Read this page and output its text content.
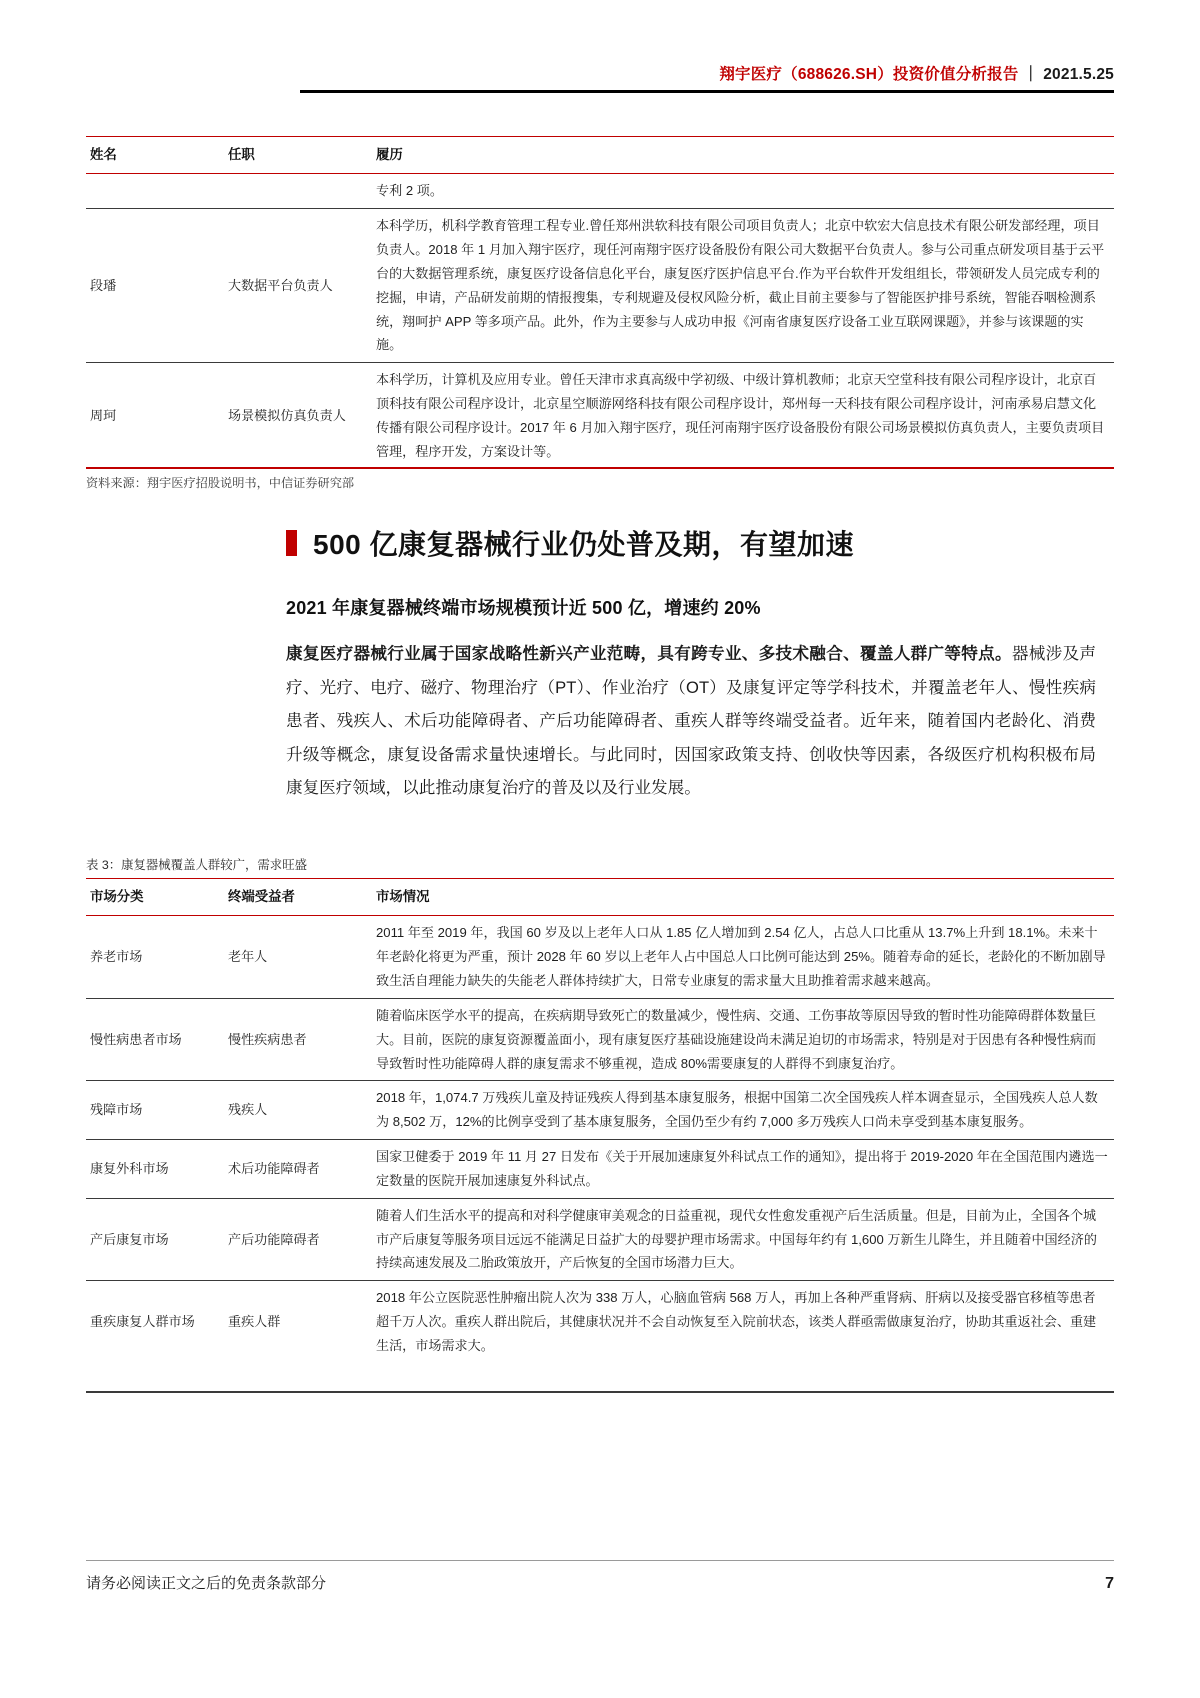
翔宇医疗（688626.SH）投资价值分析报告 ｜ 2021.5.25
姓名	任职	履历
		专利 2 项。
段璠	大数据平台负责人	本科学历，机科学教育管理工程专业.曾任郑州洪软科技有限公司项目负责人；北京中软宏大信息技术有限公研发部经理，项目负责人。2018 年 1 月加入翔宇医疗，现任河南翔宇医疗设备股份有限公司大数据平台负责人。参与公司重点研发项目基于云平台的大数据管理系统，康复医疗设备信息化平台，康复医疗医护信息平台.作为平台软件开发组组长，带领研发人员完成专利的挖掘，申请，产品研发前期的情报搜集，专利规避及侵权风险分析，截止目前主要参与了智能医护排号系统，智能吞咽检测系统，翔呵护 APP 等多项产品。此外，作为主要参与人成功申报《河南省康复医疗设备工业互联网课题》，并参与该课题的实施。
周珂	场景模拟仿真负责人	本科学历，计算机及应用专业。曾任天津市求真高级中学初级、中级计算机教师；北京天空堂科技有限公司程序设计，北京百顶科技有限公司程序设计，北京星空顺游网络科技有限公司程序设计，郑州每一天科技有限公司程序设计，河南承易启慧文化传播有限公司程序设计。2017 年 6 月加入翔宇医疗，现任河南翔宇医疗设备股份有限公司场景模拟仿真负责人，主要负责项目管理，程序开发，方案设计等。
资料来源：翔宇医疗招股说明书，中信证券研究部
500 亿康复器械行业仍处普及期，有望加速
2021 年康复器械终端市场规模预计近 500 亿，增速约 20%
康复医疗器械行业属于国家战略性新兴产业范畴，具有跨专业、多技术融合、覆盖人群广等特点。器械涉及声疗、光疗、电疗、磁疗、物理治疗（PT）、作业治疗（OT）及康复评定等学科技术，并覆盖老年人、慢性疾病患者、残疾人、术后功能障碍者、产后功能障碍者、重疾人群等终端受益者。近年来，随着国内老龄化、消费升级等概念，康复设备需求量快速增长。与此同时，因国家政策支持、创收快等因素，各级医疗机构积极布局康复医疗领域，以此推动康复治疗的普及以及行业发展。
表 3：康复器械覆盖人群较广，需求旺盛
市场分类	终端受益者	市场情况
养老市场	老年人	2011 年至 2019 年，我国 60 岁及以上老年人口从 1.85 亿人增加到 2.54 亿人，占总人口比重从 13.7%上升到 18.1%。未来十年老龄化将更为严重，预计 2028 年 60 岁以上老年人占中国总人口比例可能达到 25%。随着寿命的延长，老龄化的不断加剧导致生活自理能力缺失的失能老人群体持续扩大，日常专业康复的需求量大且助推着需求越来越高。
慢性病患者市场	慢性疾病患者	随着临床医学水平的提高，在疾病期导致死亡的数量减少，慢性病、交通、工伤事故等原因导致的暂时性功能障碍群体数量巨大。目前，医院的康复资源覆盖面小，现有康复医疗基础设施建设尚未满足迫切的市场需求，特别是对于因患有各种慢性病而导致暂时性功能障碍人群的康复需求不够重视，造成 80%需要康复的人群得不到康复治疗。
残障市场	残疾人	2018 年，1,074.7 万残疾儿童及持证残疾人得到基本康复服务，根据中国第二次全国残疾人样本调查显示，全国残疾人总人数为 8,502 万，12%的比例享受到了基本康复服务，全国仍至少有约 7,000 多万残疾人口尚未享受到基本康复服务。
康复外科市场	术后功能障碍者	国家卫健委于 2019 年 11 月 27 日发布《关于开展加速康复外科试点工作的通知》，提出将于 2019-2020 年在全国范围内遴选一定数量的医院开展加速康复外科试点。
产后康复市场	产后功能障碍者	随着人们生活水平的提高和对科学健康审美观念的日益重视，现代女性愈发重视产后生活质量。但是，目前为止，全国各个城市产后康复等服务项目远远不能满足日益扩大的母婴护理市场需求。中国每年约有 1,600 万新生儿降生，并且随着中国经济的持续高速发展及二胎政策放开，产后恢复的全国市场潜力巨大。
重疾康复人群市场	重疾人群	2018 年公立医院恶性肿瘤出院人次为 338 万人，心脑血管病 568 万人，再加上各种严重肾病、肝病以及接受器官移植等患者超千万人次。重疾人群出院后，其健康状况并不会自动恢复至入院前状态，该类人群亟需做康复治疗，协助其重返社会、重建生活，市场需求大。
请务必阅读正文之后的免责条款部分	7
